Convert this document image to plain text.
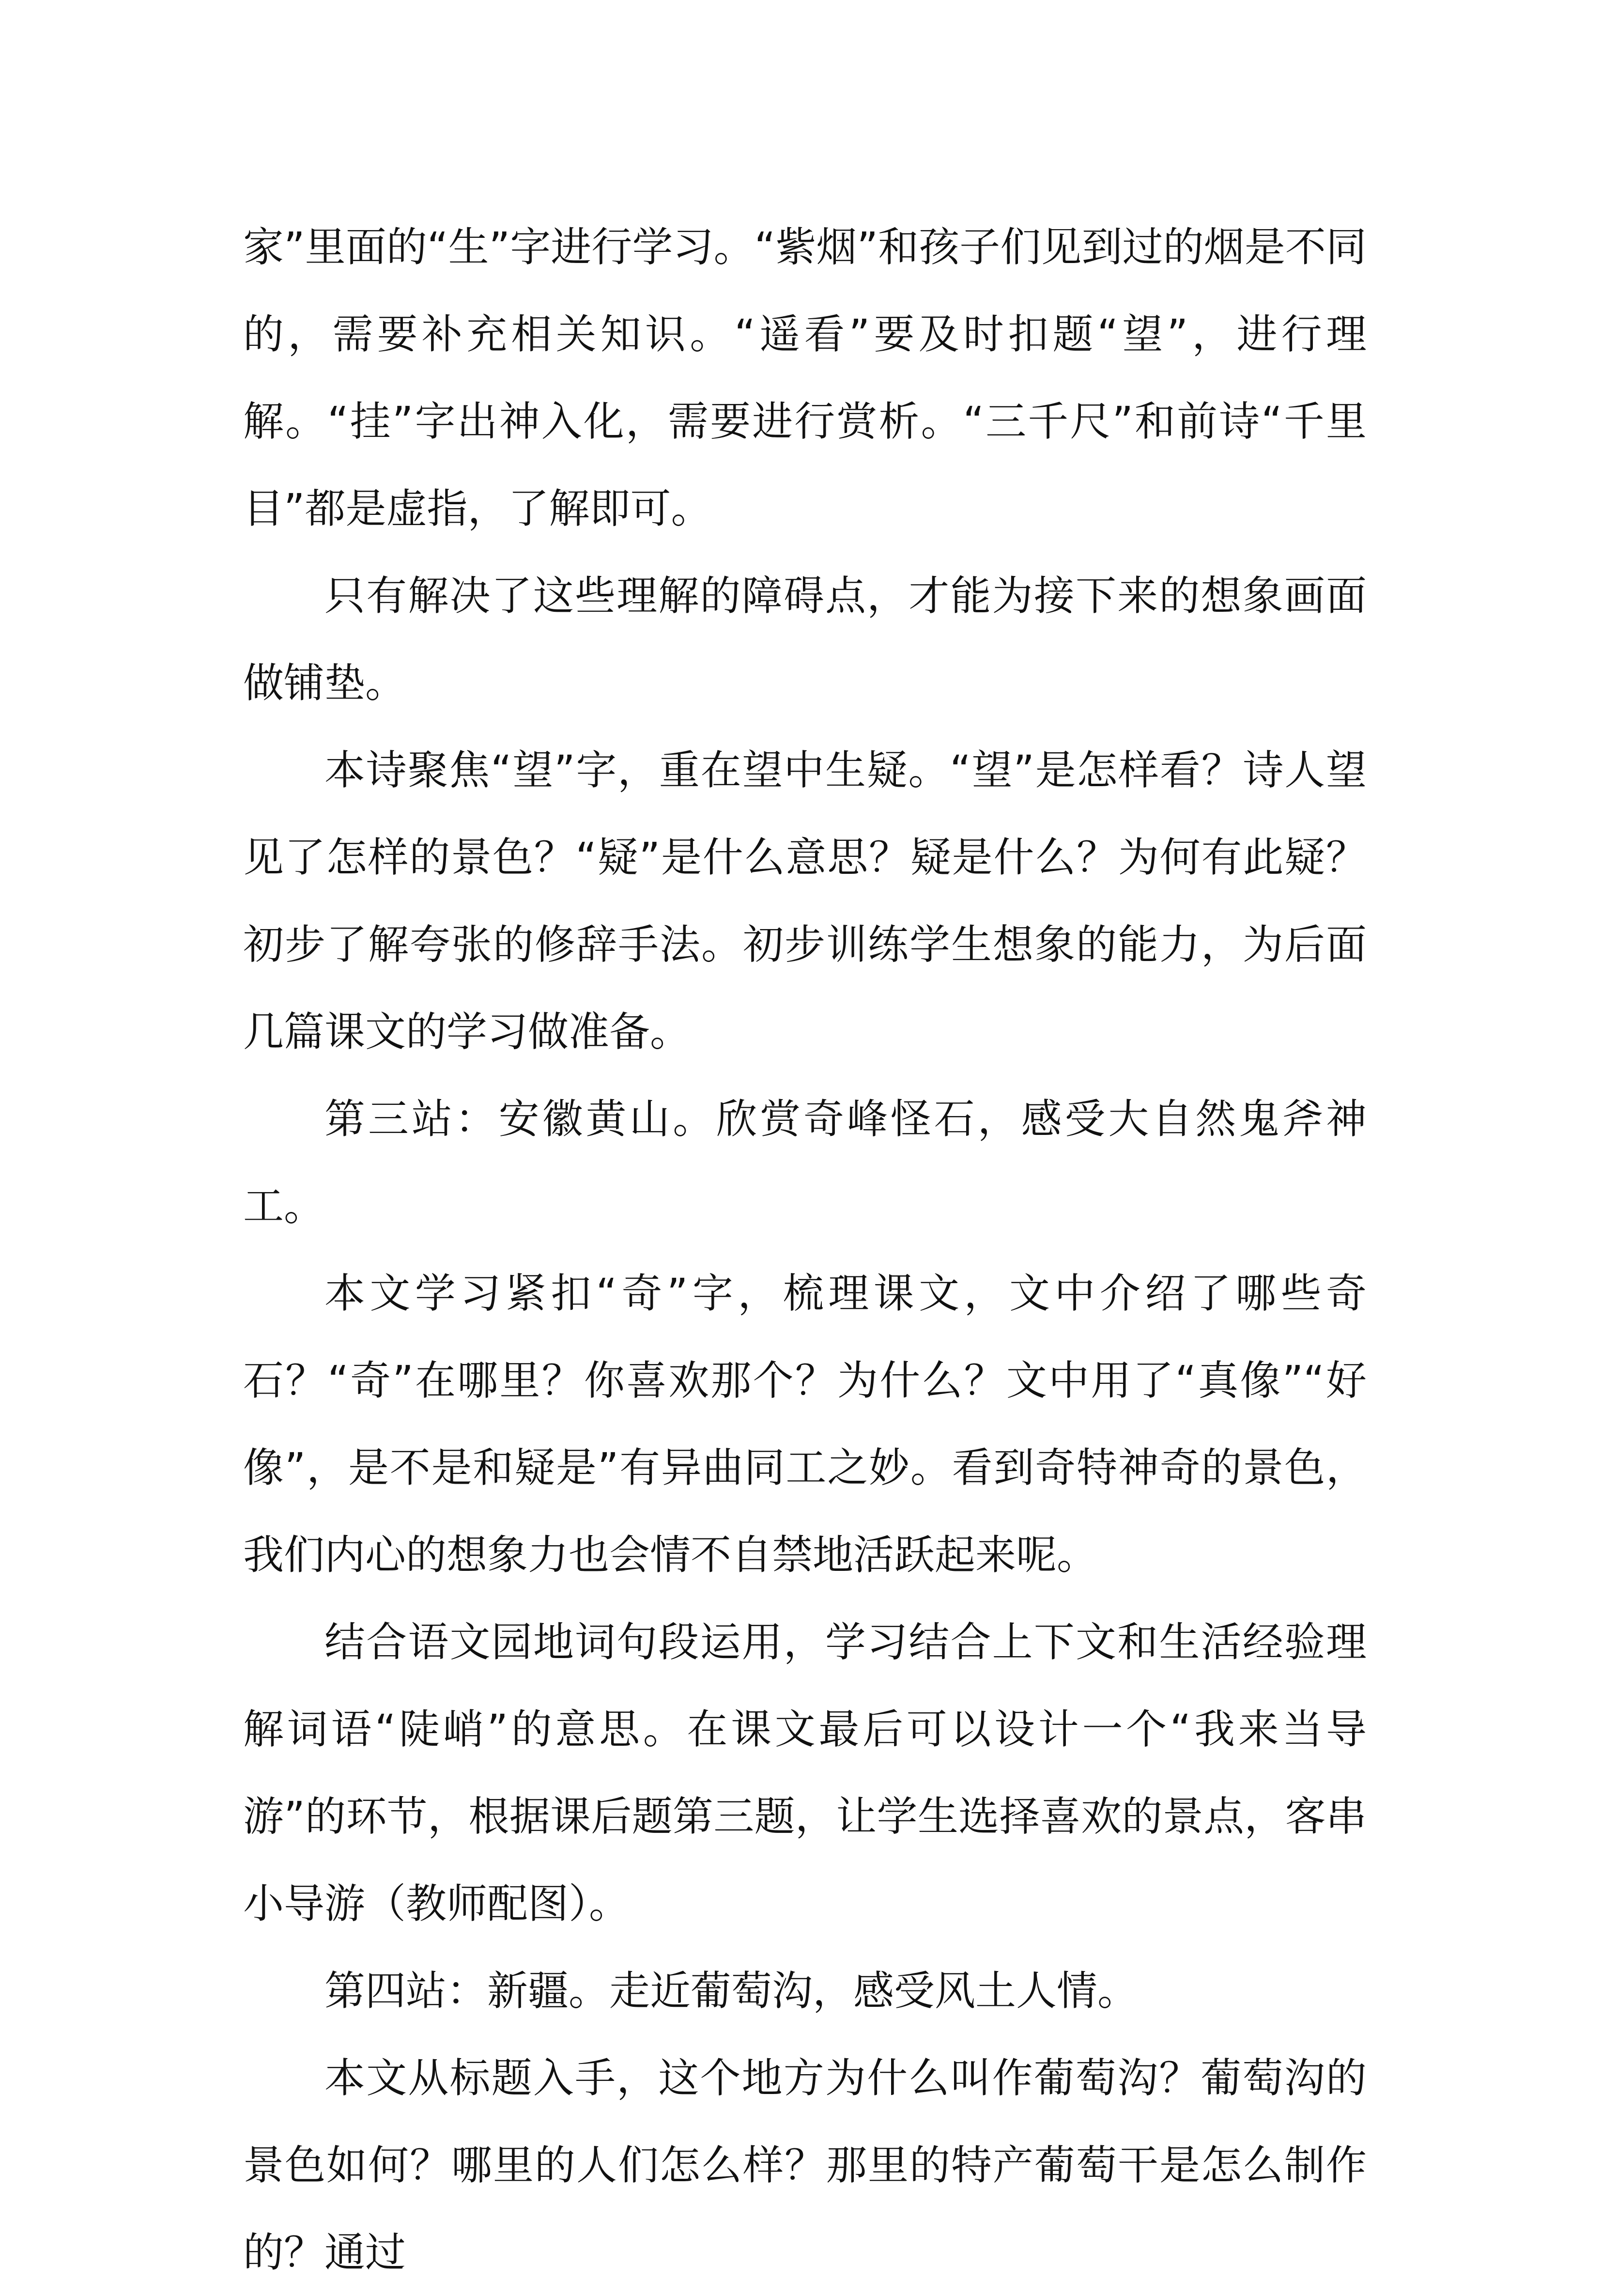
家”里面的“生”字进行学习。“紫烟”和孩子们见到过的烟是不同的，需要补充相关知识。“遥看”要及时扣题“望”，进行理解。“挂”字出神入化，需要进行赏析。“三千尺”和前诗“千里目”都是虚指，了解即可。

只有解决了这些理解的障碍点，才能为接下来的想象画面做铺垫。

本诗聚焦“望”字，重在望中生疑。“望”是怎样看？诗人望见了怎样的景色？“疑”是什么意思？疑是什么？为何有此疑？初步了解夸张的修辞手法。初步训练学生想象的能力，为后面几篇课文的学习做准备。

第三站：安徽黄山。欣赏奇峰怪石，感受大自然鬼斧神工。

本文学习紧扣“奇”字，梳理课文，文中介绍了哪些奇石？“奇”在哪里？你喜欢那个？为什么？文中用了“真像”“好像”，是不是和疑是”有异曲同工之妙。看到奇特神奇的景色，我们内心的想象力也会情不自禁地活跃起来呢。

结合语文园地词句段运用，学习结合上下文和生活经验理解词语“陡峭”的意思。在课文最后可以设计一个“我来当导游”的环节，根据课后题第三题，让学生选择喜欢的景点，客串小导游（教师配图）。

第四站：新疆。走近葡萄沟，感受风土人情。

本文从标题入手，这个地方为什么叫作葡萄沟？葡萄沟的景色如何？哪里的人们怎么样？那里的特产葡萄干是怎么制作的？通过
